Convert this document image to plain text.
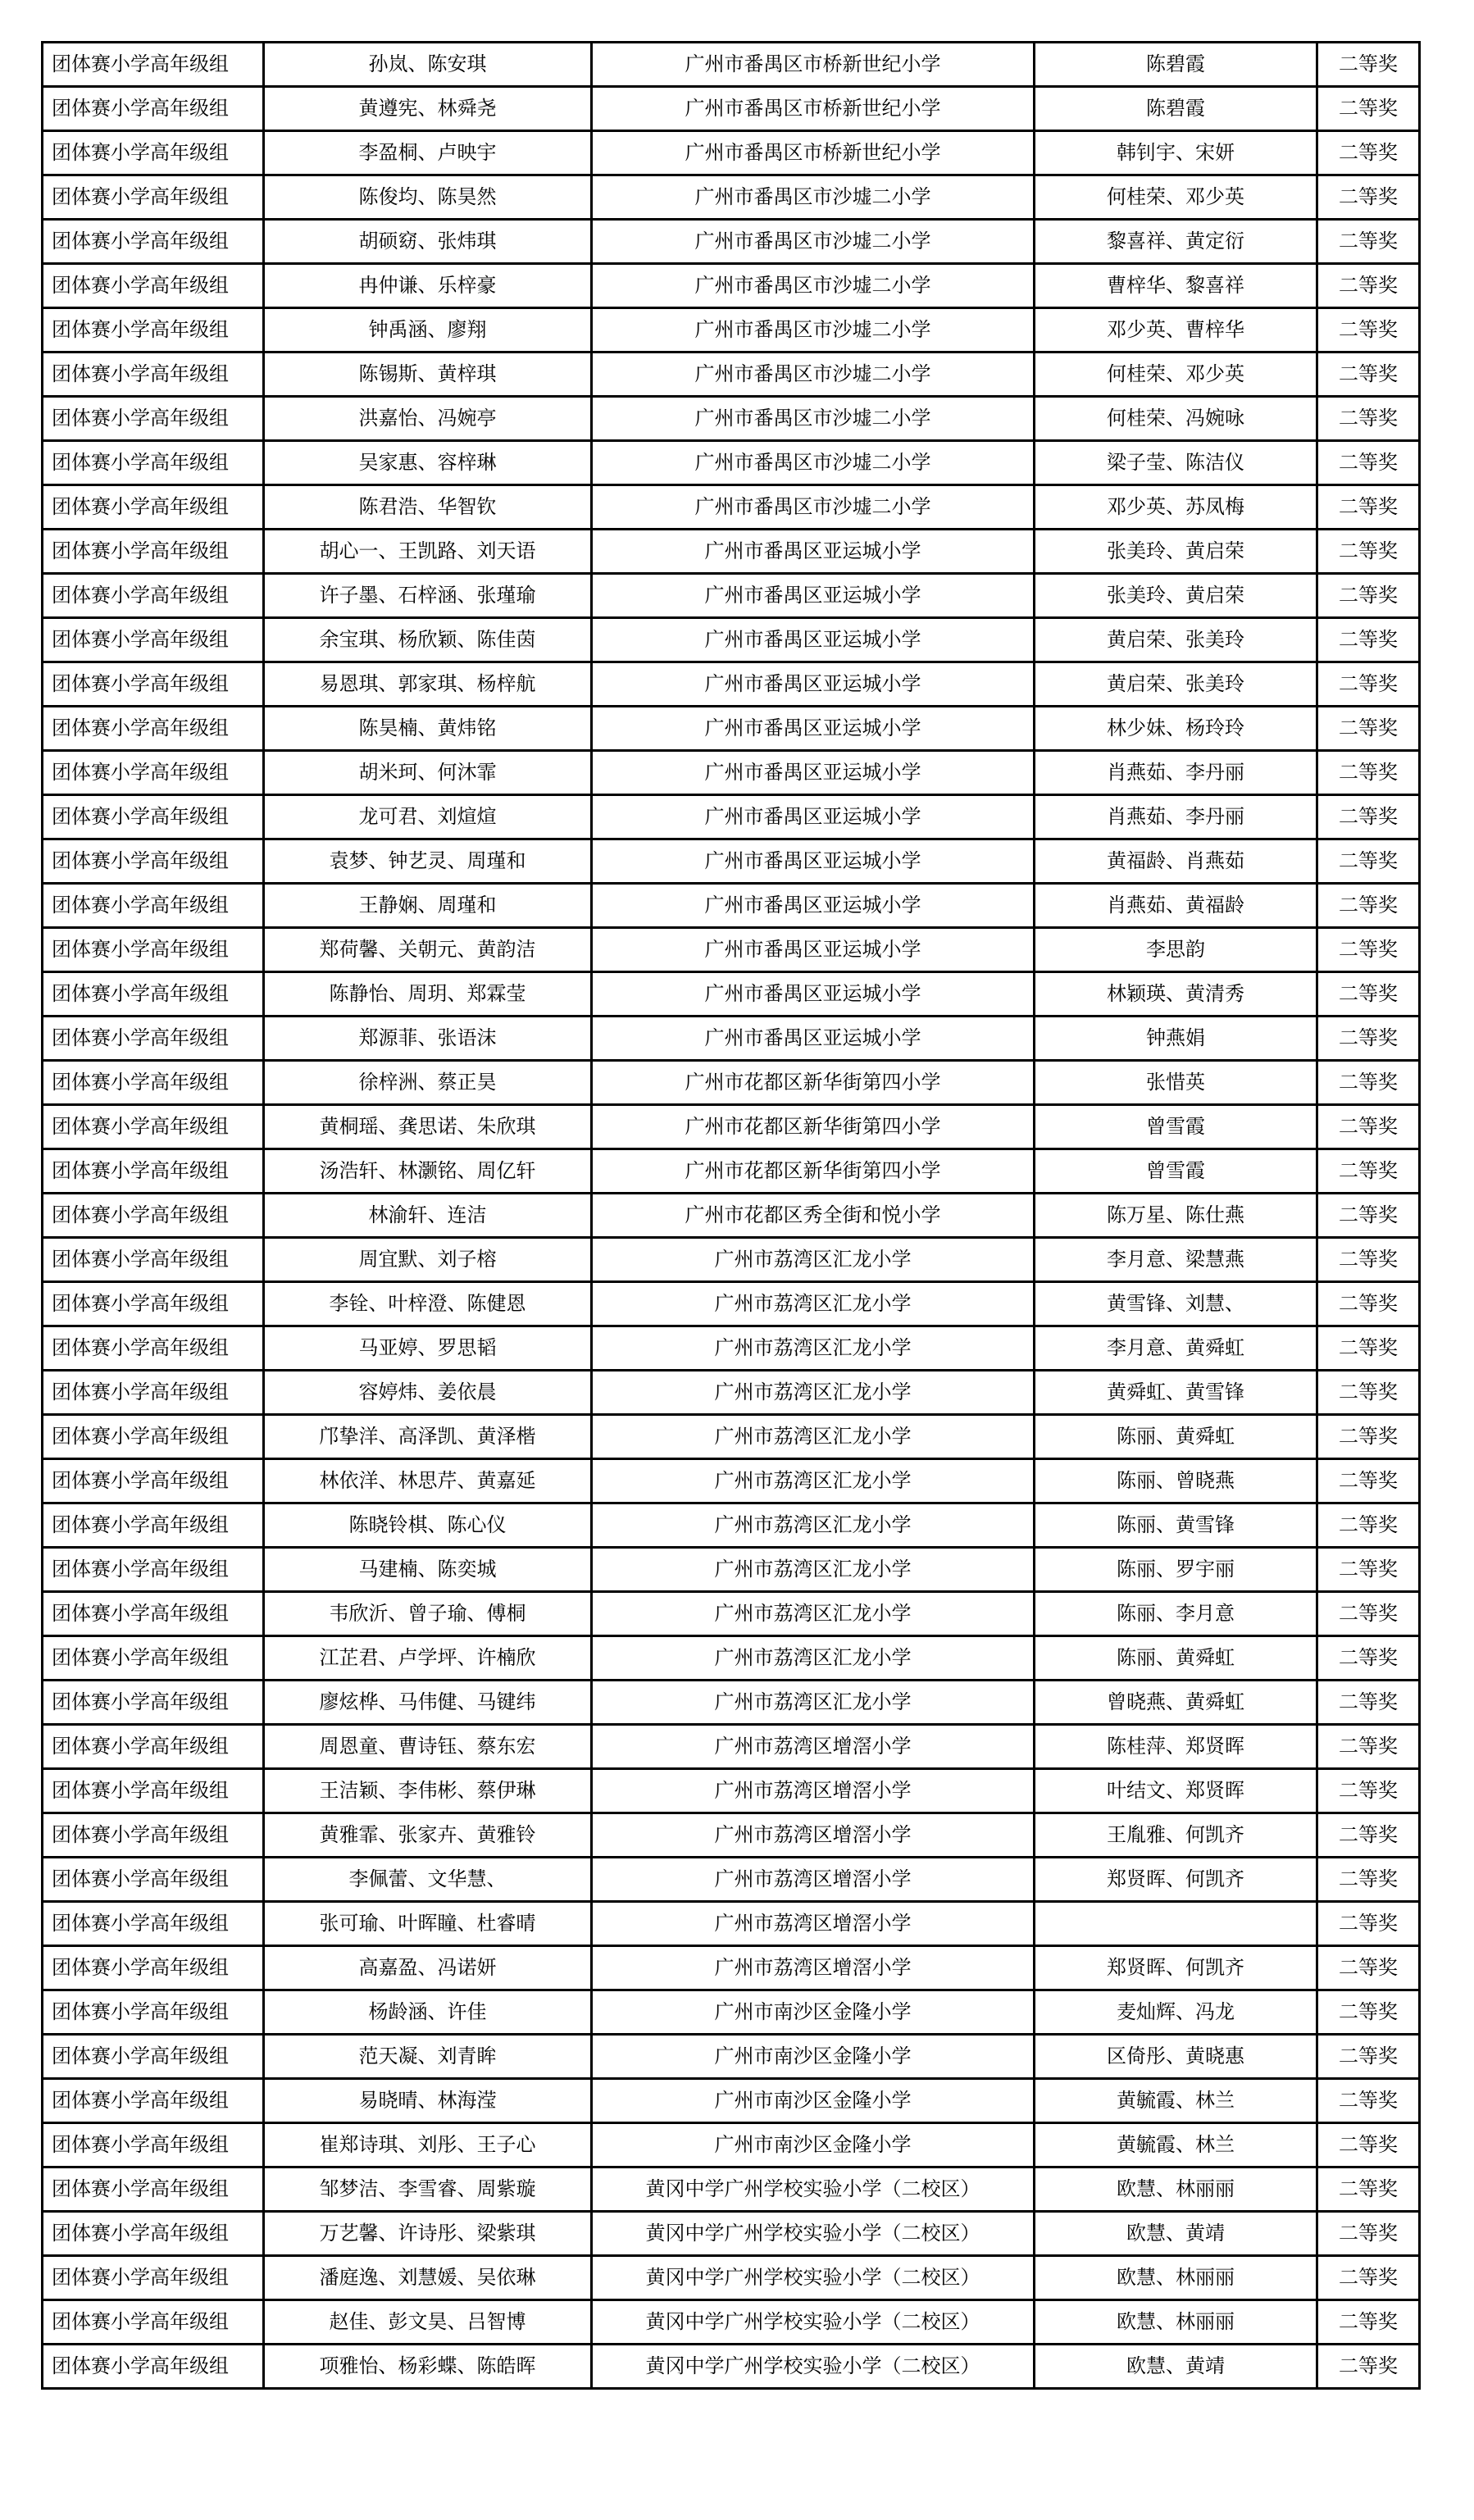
团体赛小学高年级组	孙岚、陈安琪	广州市番禺区市桥新世纪小学	陈碧霞	二等奖
团体赛小学高年级组	黄遵宪、林舜尧	广州市番禺区市桥新世纪小学	陈碧霞	二等奖
团体赛小学高年级组	李盈桐、卢映宇	广州市番禺区市桥新世纪小学	韩钊宇、宋妍	二等奖
团体赛小学高年级组	陈俊均、陈昊然	广州市番禺区市沙墟二小学	何桂荣、邓少英	二等奖
团体赛小学高年级组	胡硕窈、张炜琪	广州市番禺区市沙墟二小学	黎喜祥、黄定衍	二等奖
团体赛小学高年级组	冉仲谦、乐梓豪	广州市番禺区市沙墟二小学	曹梓华、黎喜祥	二等奖
团体赛小学高年级组	钟禹涵、廖翔	广州市番禺区市沙墟二小学	邓少英、曹梓华	二等奖
团体赛小学高年级组	陈锡斯、黄梓琪	广州市番禺区市沙墟二小学	何桂荣、邓少英	二等奖
团体赛小学高年级组	洪嘉怡、冯婉亭	广州市番禺区市沙墟二小学	何桂荣、冯婉咏	二等奖
团体赛小学高年级组	吴家惠、容梓琳	广州市番禺区市沙墟二小学	梁子莹、陈洁仪	二等奖
团体赛小学高年级组	陈君浩、华智钦	广州市番禺区市沙墟二小学	邓少英、苏凤梅	二等奖
团体赛小学高年级组	胡心一、王凯路、刘天语	广州市番禺区亚运城小学	张美玲、黄启荣	二等奖
团体赛小学高年级组	许子墨、石梓涵、张瑾瑜	广州市番禺区亚运城小学	张美玲、黄启荣	二等奖
团体赛小学高年级组	余宝琪、杨欣颖、陈佳茵	广州市番禺区亚运城小学	黄启荣、张美玲	二等奖
团体赛小学高年级组	易恩琪、郭家琪、杨梓航	广州市番禺区亚运城小学	黄启荣、张美玲	二等奖
团体赛小学高年级组	陈昊楠、黄炜铭	广州市番禺区亚运城小学	林少妹、杨玲玲	二等奖
团体赛小学高年级组	胡米珂、何沐霏	广州市番禺区亚运城小学	肖燕茹、李丹丽	二等奖
团体赛小学高年级组	龙可君、刘煊煊	广州市番禺区亚运城小学	肖燕茹、李丹丽	二等奖
团体赛小学高年级组	袁梦、钟艺灵、周瑾和	广州市番禺区亚运城小学	黄福龄、肖燕茹	二等奖
团体赛小学高年级组	王静娴、周瑾和	广州市番禺区亚运城小学	肖燕茹、黄福龄	二等奖
团体赛小学高年级组	郑荷馨、关朝元、黄韵洁	广州市番禺区亚运城小学	李思韵	二等奖
团体赛小学高年级组	陈静怡、周玥、郑霖莹	广州市番禺区亚运城小学	林颖瑛、黄清秀	二等奖
团体赛小学高年级组	郑源菲、张语沫	广州市番禺区亚运城小学	钟燕娟	二等奖
团体赛小学高年级组	徐梓洲、蔡正昊	广州市花都区新华街第四小学	张惜英	二等奖
团体赛小学高年级组	黄桐瑶、龚思诺、朱欣琪	广州市花都区新华街第四小学	曾雪霞	二等奖
团体赛小学高年级组	汤浩轩、林灏铭、周亿轩	广州市花都区新华街第四小学	曾雪霞	二等奖
团体赛小学高年级组	林渝轩、连洁	广州市花都区秀全街和悦小学	陈万星、陈仕燕	二等奖
团体赛小学高年级组	周宜默、刘子榕	广州市荔湾区汇龙小学	李月意、梁慧燕	二等奖
团体赛小学高年级组	李铨、叶梓澄、陈健恩	广州市荔湾区汇龙小学	黄雪锋、刘慧、	二等奖
团体赛小学高年级组	马亚婷、罗思韬	广州市荔湾区汇龙小学	李月意、黄舜虹	二等奖
团体赛小学高年级组	容婷炜、姜依晨	广州市荔湾区汇龙小学	黄舜虹、黄雪锋	二等奖
团体赛小学高年级组	邝挚洋、高泽凯、黄泽楷	广州市荔湾区汇龙小学	陈丽、黄舜虹	二等奖
团体赛小学高年级组	林依洋、林思芹、黄嘉延	广州市荔湾区汇龙小学	陈丽、曾晓燕	二等奖
团体赛小学高年级组	陈晓铃棋、陈心仪	广州市荔湾区汇龙小学	陈丽、黄雪锋	二等奖
团体赛小学高年级组	马建楠、陈奕城	广州市荔湾区汇龙小学	陈丽、罗宇丽	二等奖
团体赛小学高年级组	韦欣沂、曾子瑜、傅桐	广州市荔湾区汇龙小学	陈丽、李月意	二等奖
团体赛小学高年级组	江芷君、卢学坪、许楠欣	广州市荔湾区汇龙小学	陈丽、黄舜虹	二等奖
团体赛小学高年级组	廖炫桦、马伟健、马键纬	广州市荔湾区汇龙小学	曾晓燕、黄舜虹	二等奖
团体赛小学高年级组	周恩童、曹诗钰、蔡东宏	广州市荔湾区增滘小学	陈桂萍、郑贤晖	二等奖
团体赛小学高年级组	王洁颖、李伟彬、蔡伊琳	广州市荔湾区增滘小学	叶结文、郑贤晖	二等奖
团体赛小学高年级组	黄雅霏、张家卉、黄雅铃	广州市荔湾区增滘小学	王胤雅、何凯齐	二等奖
团体赛小学高年级组	李佩蕾、文华慧、	广州市荔湾区增滘小学	郑贤晖、何凯齐	二等奖
团体赛小学高年级组	张可瑜、叶晖瞳、杜睿晴	广州市荔湾区增滘小学		二等奖
团体赛小学高年级组	高嘉盈、冯诺妍	广州市荔湾区增滘小学	郑贤晖、何凯齐	二等奖
团体赛小学高年级组	杨龄涵、许佳	广州市南沙区金隆小学	麦灿辉、冯龙	二等奖
团体赛小学高年级组	范天凝、刘青眸	广州市南沙区金隆小学	区倚彤、黄晓惠	二等奖
团体赛小学高年级组	易晓晴、林海滢	广州市南沙区金隆小学	黄毓霞、林兰	二等奖
团体赛小学高年级组	崔郑诗琪、刘彤、王子心	广州市南沙区金隆小学	黄毓霞、林兰	二等奖
团体赛小学高年级组	邹梦洁、李雪睿、周紫璇	黄冈中学广州学校实验小学（二校区）	欧慧、林丽丽	二等奖
团体赛小学高年级组	万艺馨、许诗彤、梁紫琪	黄冈中学广州学校实验小学（二校区）	欧慧、黄靖	二等奖
团体赛小学高年级组	潘庭逸、刘慧媛、吴依琳	黄冈中学广州学校实验小学（二校区）	欧慧、林丽丽	二等奖
团体赛小学高年级组	赵佳、彭文昊、吕智博	黄冈中学广州学校实验小学（二校区）	欧慧、林丽丽	二等奖
团体赛小学高年级组	项雅怡、杨彩蝶、陈皓晖	黄冈中学广州学校实验小学（二校区）	欧慧、黄靖	二等奖
